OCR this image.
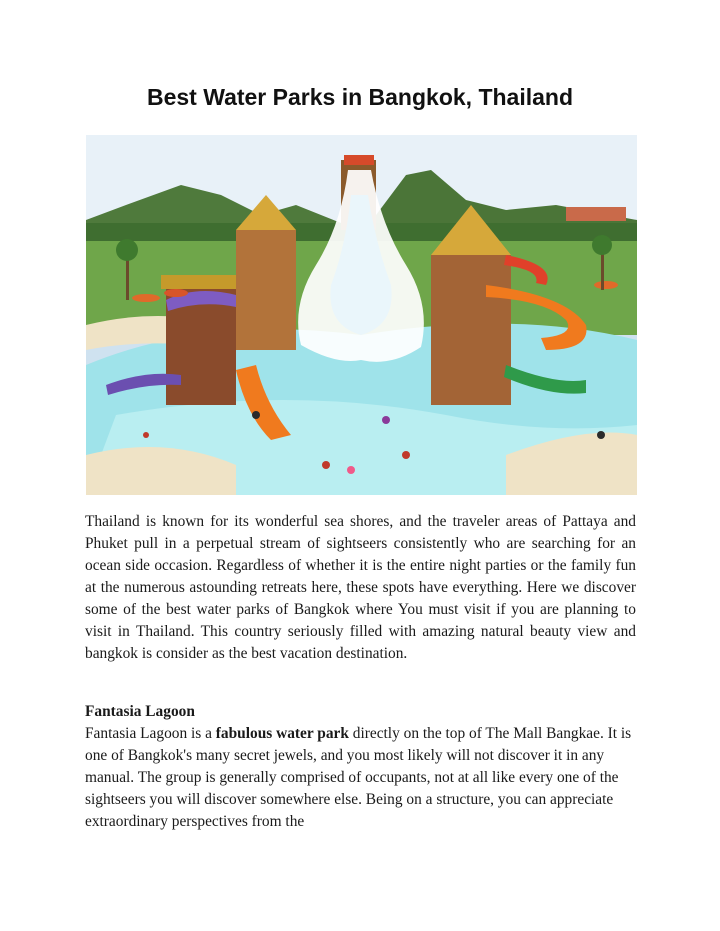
Best Water Parks in Bangkok, Thailand

Thailand is known for its wonderful sea shores, and the traveler areas of Pattaya and Phuket pull in a perpetual stream of sightseers consistently who are searching for an ocean side occasion. Regardless of whether it is the entire night parties or the family fun at the numerous astounding retreats here, these spots have everything. Here we discover some of the best water parks of Bangkok where You must visit if you are planning to visit in Thailand. This country seriously filled with amazing natural beauty view and bangkok is consider as the best vacation destination.

Fantasia Lagoon

Fantasia Lagoon is a fabulous water park directly on the top of The Mall Bangkae. It is one of Bangkok's many secret jewels, and you most likely will not discover it in any manual. The group is generally comprised of occupants, not at all like every one of the sightseers you will discover somewhere else. Being on a structure, you can appreciate extraordinary perspectives from the
